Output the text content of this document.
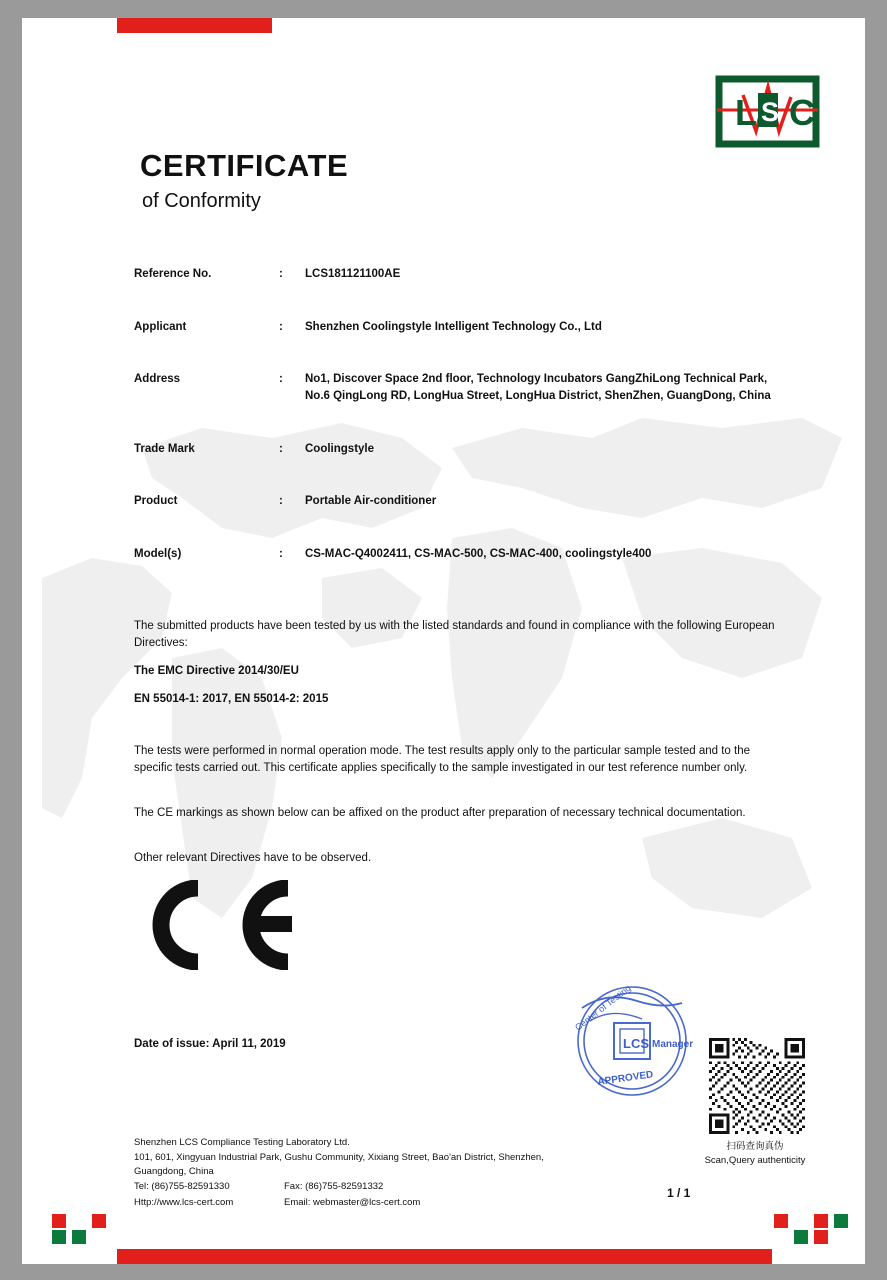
L C
S
CERTIFICATE
of Conformity
Reference No.	:	LCS181121100AE
Applicant	:	Shenzhen Coolingstyle Intelligent Technology Co., Ltd
Address	:	No1, Discover Space 2nd floor, Technology Incubators GangZhiLong Technical Park, No.6 QingLong RD, LongHua Street, LongHua District, ShenZhen, GuangDong, China
Trade Mark	:	Coolingstyle
Product	:	Portable Air-conditioner
Model(s)	:	CS-MAC-Q4002411, CS-MAC-500, CS-MAC-400, coolingstyle400
The submitted products have been tested by us with the listed standards and found in compliance with the following European Directives:
The EMC Directive 2014/30/EU
EN 55014-1: 2017, EN 55014-2: 2015
The tests were performed in normal operation mode. The test results apply only to the particular sample tested and to the specific tests carried out. This certificate applies specifically to the sample investigated in our test reference number only.
The CE markings as shown below can be affixed on the product after preparation of necessary technical documentation.
Other relevant Directives have to be observed.
Date of issue: April 11, 2019
Center of Testing
Manager
APPROVED
LCS
扫码查询真伪
Scan,Query authenticity
Shenzhen LCS Compliance Testing Laboratory Ltd.
101, 601, Xingyuan Industrial Park, Gushu Community, Xixiang Street, Bao'an District, Shenzhen,
Guangdong, China
Tel: (86)755-82591330	Fax: (86)755-82591332
Http://www.lcs-cert.com	Email: webmaster@lcs-cert.com
1 / 1
